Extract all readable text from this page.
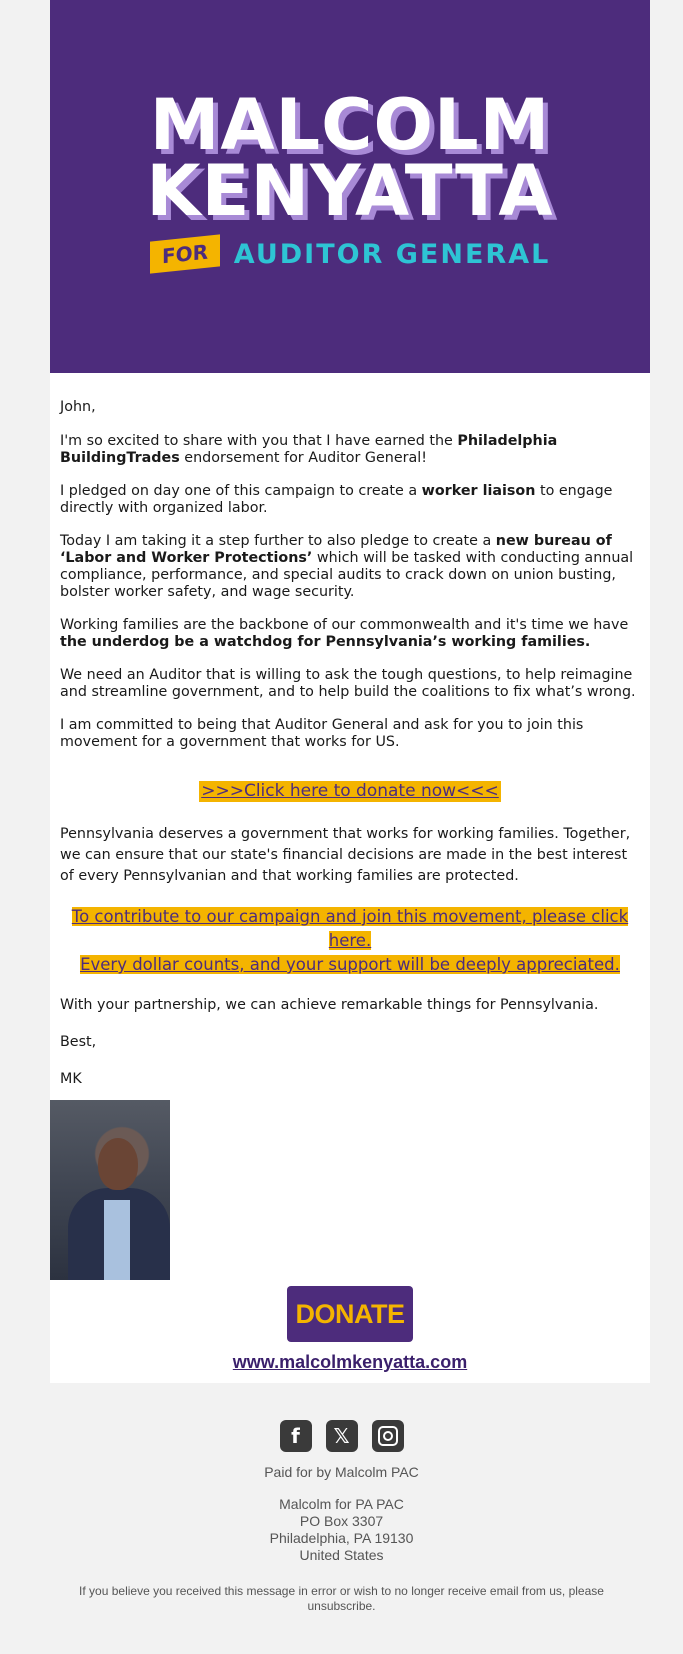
MALCOLM
KENYATTA
FOR AUDITOR GENERAL

John,

I'm so excited to share with you that I have earned the Philadelphia BuildingTrades endorsement for Auditor General!

I pledged on day one of this campaign to create a worker liaison to engage directly with organized labor.

Today I am taking it a step further to also pledge to create a new bureau of ‘Labor and Worker Protections’ which will be tasked with conducting annual compliance, performance, and special audits to crack down on union busting, bolster worker safety, and wage security.

Working families are the backbone of our commonwealth and it's time we have the underdog be a watchdog for Pennsylvania’s working families.

We need an Auditor that is willing to ask the tough questions, to help reimagine and streamline government, and to help build the coalitions to fix what’s wrong.

I am committed to being that Auditor General and ask for you to join this movement for a government that works for US.

>>>Click here to donate now<<<

Pennsylvania deserves a government that works for working families. Together, we can ensure that our state's financial decisions are made in the best interest of every Pennsylvanian and that working families are protected.

To contribute to our campaign and join this movement, please click here.
Every dollar counts, and your support will be deeply appreciated.

With your partnership, we can achieve remarkable things for Pennsylvania.

Best,

MK

DONATE
www.malcolmkenyatta.com
f	𝕏
Paid for by Malcolm PAC
Malcolm for PA PAC
PO Box 3307
Philadelphia, PA 19130
United States
If you believe you received this message in error or wish to no longer receive email from us, please unsubscribe.
